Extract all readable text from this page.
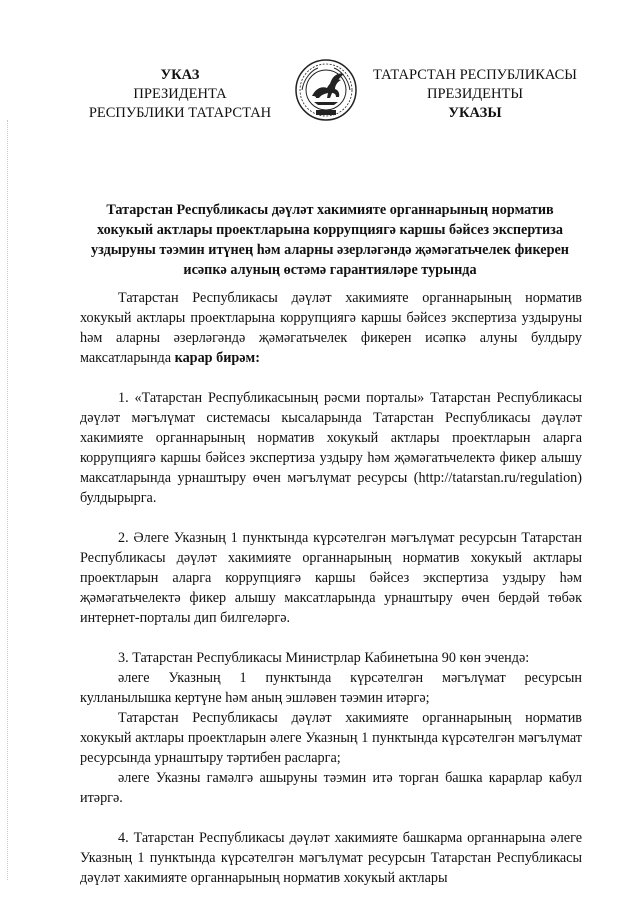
УКАЗ
ПРЕЗИДЕНТА
РЕСПУБЛИКИ ТАТАРСТАН
ТАТАРСТАН РЕСПУБЛИКАСЫ
ПРЕЗИДЕНТЫ
УКАЗЫ
Татарстан Республикасы дәүләт хакимияте органнарының норматив хокукый актлары проектларына коррупциягә каршы бәйсез экспертиза уздыруны тәэмин итүнең һәм аларны әзерләгәндә җәмәгатьчелек фикерен исәпкә алуның өстәмә гарантияләре турында

Татарстан Республикасы дәүләт хакимияте органнарының норматив хокукый актлары проектларына коррупциягә каршы бәйсез экспертиза уздыруны һәм аларны әзерләгәндә җәмәгатьчелек фикерен исәпкә алуны булдыру максатларында карар бирәм:

1. «Татарстан Республикасының рәсми порталы» Татарстан Республикасы дәүләт мәгълүмат системасы кысаларында Татарстан Республикасы дәүләт хакимияте органнарының норматив хокукый актлары проектларын аларга коррупциягә каршы бәйсез экспертиза уздыру һәм җәмәгатьчелектә фикер алышу максатларында урнаштыру өчен мәгълүмат ресурсы (http://tatarstan.ru/regulation) булдырырга.

2. Әлеге Указның 1 пунктында күрсәтелгән мәгълүмат ресурсын Татарстан Республикасы дәүләт хакимияте органнарының норматив хокукый актлары проектларын аларга коррупциягә каршы бәйсез экспертиза уздыру һәм җәмәгатьчелектә фикер алышу максатларында урнаштыру өчен бердәй төбәк интернет-порталы дип билгеләргә.

3. Татарстан Республикасы Министрлар Кабинетына 90 көн эчендә:

әлеге Указның 1 пунктында күрсәтелгән мәгълүмат ресурсын кулланылышка кертүне һәм аның эшләвен тәэмин итәргә;

Татарстан Республикасы дәүләт хакимияте органнарының норматив хокукый актлары проектларын әлеге Указның 1 пунктында күрсәтелгән мәгълүмат ресурсында урнаштыру тәртибен расларга;

әлеге Указны гамәлгә ашыруны тәэмин итә торган башка карарлар кабул итәргә.

4. Татарстан Республикасы дәүләт хакимияте башкарма органнарына әлеге Указның 1 пунктында күрсәтелгән мәгълүмат ресурсын Татарстан Республикасы дәүләт хакимияте органнарының норматив хокукый актлары
